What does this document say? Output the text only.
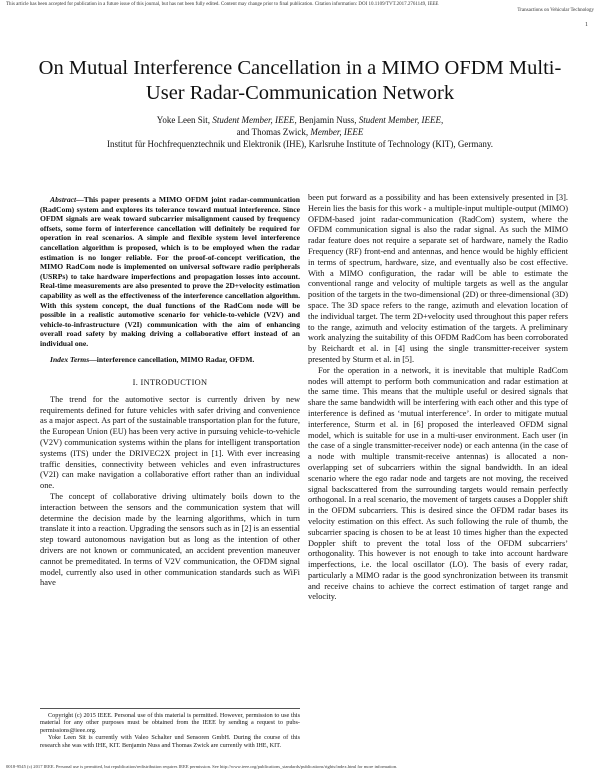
This article has been accepted for publication in a future issue of this journal, but has not been fully edited. Content may change prior to final publication. Citation information: DOI 10.1109/TVT.2017.2761149, IEEE
Transactions on Vehicular Technology
1
On Mutual Interference Cancellation in a MIMO OFDM Multi-User Radar-Communication Network
Yoke Leen Sit, Student Member, IEEE, Benjamin Nuss, Student Member, IEEE,
and Thomas Zwick, Member, IEEE
Institut für Hochfrequenztechnik und Elektronik (IHE), Karlsruhe Institute of Technology (KIT), Germany.

Abstract—This paper presents a MIMO OFDM joint radar-communication (RadCom) system and explores its tolerance toward mutual interference. Since OFDM signals are weak toward subcarrier misalignment caused by frequency offsets, some form of interference cancellation will definitely be required for operation in real scenarios. A simple and flexible system level interference cancellation algorithm is proposed, which is to be employed when the radar estimation is no longer reliable. For the proof-of-concept verification, the MIMO RadCom node is implemented on universal software radio peripherals (USRPs) to take hardware imperfections and propagation losses into account. Real-time measurements are also presented to prove the 2D+velocity estimation capability as well as the effectiveness of the interference cancellation algorithm. With this system concept, the dual functions of the RadCom node will be possible in a realistic automotive scenario for vehicle-to-vehicle (V2V) and vehicle-to-infrastructure (V2I) communication with the aim of enhancing overall road safety by making driving a collaborative effort instead of an individual one.

Index Terms—interference cancellation, MIMO Radar, OFDM.

I. INTRODUCTION

The trend for the automotive sector is currently driven by new requirements defined for future vehicles with safer driving and convenience as a major aspect. As part of the sustainable transportation plan for the future, the European Union (EU) has been very active in pursuing vehicle-to-vehicle (V2V) communication systems within the plans for intelligent transportation systems (ITS) under the DRIVEC2X project in [1]. With ever increasing traffic densities, connectivity between vehicles and even infrastructures (V2I) can make navigation a collaborative effort rather than an individual one.

The concept of collaborative driving ultimately boils down to the interaction between the sensors and the communication system that will determine the decision made by the learning algorithms, which in turn translate it into a reaction. Upgrading the sensors such as in [2] is an essential step toward autonomous navigation but as long as the intention of other drivers are not known or communicated, an accident prevention maneuver cannot be premeditated. In terms of V2V communication, the OFDM signal model, currently also used in other communication standards such as WiFi have

been put forward as a possibility and has been extensively presented in [3]. Herein lies the basis for this work - a multiple-input multiple-output (MIMO) OFDM-based joint radar-communication (RadCom) system, where the OFDM communication signal is also the radar signal. As such the MIMO radar feature does not require a separate set of hardware, namely the Radio Frequency (RF) front-end and antennas, and hence would be highly efficient in terms of spectrum, hardware, size, and eventually also be cost effective. With a MIMO configuration, the radar will be able to estimate the conventional range and velocity of multiple targets as well as the angular position of the targets in the two-dimensional (2D) or three-dimensional (3D) space. The 3D space refers to the range, azimuth and elevation location of the individual target. The term 2D+velocity used throughout this paper refers to the range, azimuth and velocity estimation of the targets. A preliminary work analyzing the suitability of this OFDM RadCom has been corroborated by Reichardt et al. in [4] using the single transmitter-receiver system presented by Sturm et al. in [5].

For the operation in a network, it is inevitable that multiple RadCom nodes will attempt to perform both communication and radar estimation at the same time. This means that the multiple useful or desired signals that share the same bandwidth will be interfering with each other and this type of interference is defined as ‘mutual interference’. In order to mitigate mutual interference, Sturm et al. in [6] proposed the interleaved OFDM signal model, which is suitable for use in a multi-user environment. Each user (in the case of a single transmitter-receiver node) or each antenna (in the case of a node with multiple transmit-receive antennas) is allocated a non-overlapping set of subcarriers within the signal bandwidth. In an ideal scenario where the ego radar node and targets are not moving, the received signal backscattered from the surrounding targets would remain perfectly orthogonal. In a real scenario, the movement of targets causes a Doppler shift in the OFDM subcarriers. This is desired since the OFDM radar bases its velocity estimation on this effect. As such following the rule of thumb, the subcarrier spacing is chosen to be at least 10 times higher than the expected Doppler shift to prevent the total loss of the OFDM subcarriers’ orthogonality. This however is not enough to take into account hardware imperfections, i.e. the local oscillator (LO). The basis of every radar, particularly a MIMO radar is the good synchronization between its transmit and receive chains to achieve the correct estimation of target range and velocity.

Copyright (c) 2015 IEEE. Personal use of this material is permitted. However, permission to use this material for any other purposes must be obtained from the IEEE by sending a request to pubs-permissions@ieee.org.

Yoke Leen Sit is currently with Valeo Schalter und Sensoren GmbH. During the course of this research she was with IHE, KIT. Benjamin Nuss and Thomas Zwick are currently with IHE, KIT.

0018-9545 (c) 2017 IEEE. Personal use is permitted, but republication/redistribution requires IEEE permission. See http://www.ieee.org/publications_standards/publications/rights/index.html for more information.
